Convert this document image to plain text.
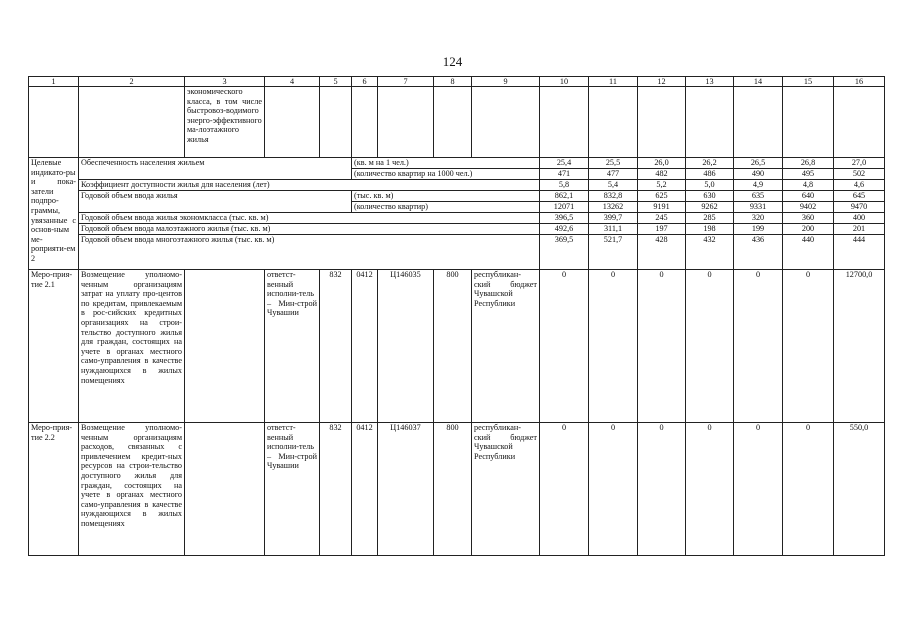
124
1	2	3	4	5	6	7	8	9	10	11	12	13	14	15	16
		экономического класса, в том числе быстровоз-водимого энерго-эффективного ма-лоэтажного жилья													
Целевые индикато-ры и пока-затели подпро-граммы, увязанные с основ-ным ме-роприяти-ем 2	Обеспеченность населения жильем				(кв. м на 1 чел.)				25,4	25,5	26,0	26,2	26,5	26,8	27,0
					(количество квартир на 1000 чел.)				471	477	482	486	490	495	502
	Коэффициент доступности жилья для населения (лет)								5,8	5,4	5,2	5,0	4,9	4,8	4,6
	Годовой объем ввода жилья				(тыс. кв. м)				862,1	832,8	625	630	635	640	645
					(количество квартир)				12071	13262	9191	9262	9331	9402	9470
	Годовой объем ввода жилья экономкласса (тыс. кв. м)								396,5	399,7	245	285	320	360	400
	Годовой объем ввода малоэтажного жилья (тыс. кв. м)								492,6	311,1	197	198	199	200	201
	Годовой объем ввода многоэтажного жилья (тыс. кв. м)								369,5	521,7	428	432	436	440	444
Меро-прия-тие 2.1	Возмещение уполномо-ченным организациям затрат на уплату про-центов по кредитам, привлекаемым в рос-сийских кредитных организациях на строи-тельство доступного жилья для граждан, состоящих на учете в органах местного само-управления в качестве нуждающихся в жилых помещениях		ответст-венный исполни-тель – Мин-строй Чувашии	832	0412	Ц146035	800	республикан-ский бюджет Чувашской Республики	0	0	0	0	0	0	12700,0
Меро-прия-тие 2.2	Возмещение уполномо-ченным организациям расходов, связанных с привлечением кредит-ных ресурсов на строи-тельство доступного жилья для граждан, состоящих на учете в органах местного само-управления в качестве нуждающихся в жилых помещениях		ответст-венный исполни-тель – Мин-строй Чувашии	832	0412	Ц146037	800	республикан-ский бюджет Чувашской Республики	0	0	0	0	0	0	550,0
